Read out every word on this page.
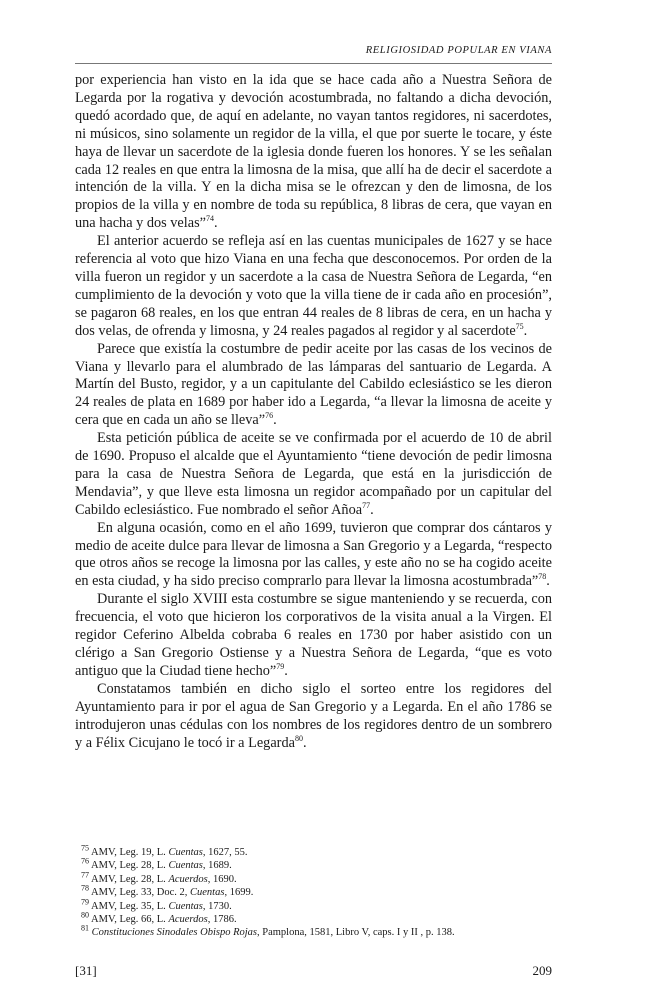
RELIGIOSIDAD POPULAR EN VIANA

por experiencia han visto en la ida que se hace cada año a Nuestra Señora de Legarda por la rogativa y devoción acostumbrada, no faltando a dicha devoción, quedó acordado que, de aquí en adelante, no vayan tantos regidores, ni sacerdotes, ni músicos, sino solamente un regidor de la villa, el que por suerte le tocare, y éste haya de llevar un sacerdote de la iglesia donde fueren los honores. Y se les señalan cada 12 reales en que entra la limosna de la misa, que allí ha de decir el sacerdote a intención de la villa. Y en la dicha misa se le ofrezcan y den de limosna, de los propios de la villa y en nombre de toda su república, 8 libras de cera, que vayan en una hacha y dos velas”$^{74}$.

El anterior acuerdo se refleja así en las cuentas municipales de 1627 y se hace referencia al voto que hizo Viana en una fecha que desconocemos. Por orden de la villa fueron un regidor y un sacerdote a la casa de Nuestra Señora de Legarda, “en cumplimiento de la devoción y voto que la villa tiene de ir cada año en procesión”, se pagaron 68 reales, en los que entran 44 reales de 8 libras de cera, en un hacha y dos velas, de ofrenda y limosna, y 24 reales pagados al regidor y al sacerdote$^{75}$.

Parece que existía la costumbre de pedir aceite por las casas de los vecinos de Viana y llevarlo para el alumbrado de las lámparas del santuario de Legarda. A Martín del Busto, regidor, y a un capitulante del Cabildo eclesiástico se les dieron 24 reales de plata en 1689 por haber ido a Legarda, “a llevar la limosna de aceite y cera que en cada un año se lleva”$^{76}$.

Esta petición pública de aceite se ve confirmada por el acuerdo de 10 de abril de 1690. Propuso el alcalde que el Ayuntamiento “tiene devoción de pedir limosna para la casa de Nuestra Señora de Legarda, que está en la jurisdicción de Mendavia”, y que lleve esta limosna un regidor acompañado por un capitular del Cabildo eclesiástico. Fue nombrado el señor Añoa$^{77}$.

En alguna ocasión, como en el año 1699, tuvieron que comprar dos cántaros y medio de aceite dulce para llevar de limosna a San Gregorio y a Legarda, “respecto que otros años se recoge la limosna por las calles, y este año no se ha cogido aceite en esta ciudad, y ha sido preciso comprarlo para llevar la limosna acostumbrada”$^{78}$.

Durante el siglo XVIII esta costumbre se sigue manteniendo y se recuerda, con frecuencia, el voto que hicieron los corporativos de la visita anual a la Virgen. El regidor Ceferino Albelda cobraba 6 reales en 1730 por haber asistido con un clérigo a San Gregorio Ostiense y a Nuestra Señora de Legarda, “que es voto antiguo que la Ciudad tiene hecho”$^{79}$.

Constatamos también en dicho siglo el sorteo entre los regidores del Ayuntamiento para ir por el agua de San Gregorio y a Legarda. En el año 1786 se introdujeron unas cédulas con los nombres de los regidores dentro de un sombrero y a Félix Cicujano le tocó ir a Legarda$^{80}$.

$^{75}$ AMV, Leg. 19, L. Cuentas, 1627, 55.
$^{76}$ AMV, Leg. 28, L. Cuentas, 1689.
$^{77}$ AMV, Leg. 28, L. Acuerdos, 1690.
$^{78}$ AMV, Leg. 33, Doc. 2, Cuentas, 1699.
$^{79}$ AMV, Leg. 35, L. Cuentas, 1730.
$^{80}$ AMV, Leg. 66, L. Acuerdos, 1786.
$^{81}$ Constituciones Sinodales Obispo Rojas, Pamplona, 1581, Libro V, caps. I y II , p. 138.
[31]	209
